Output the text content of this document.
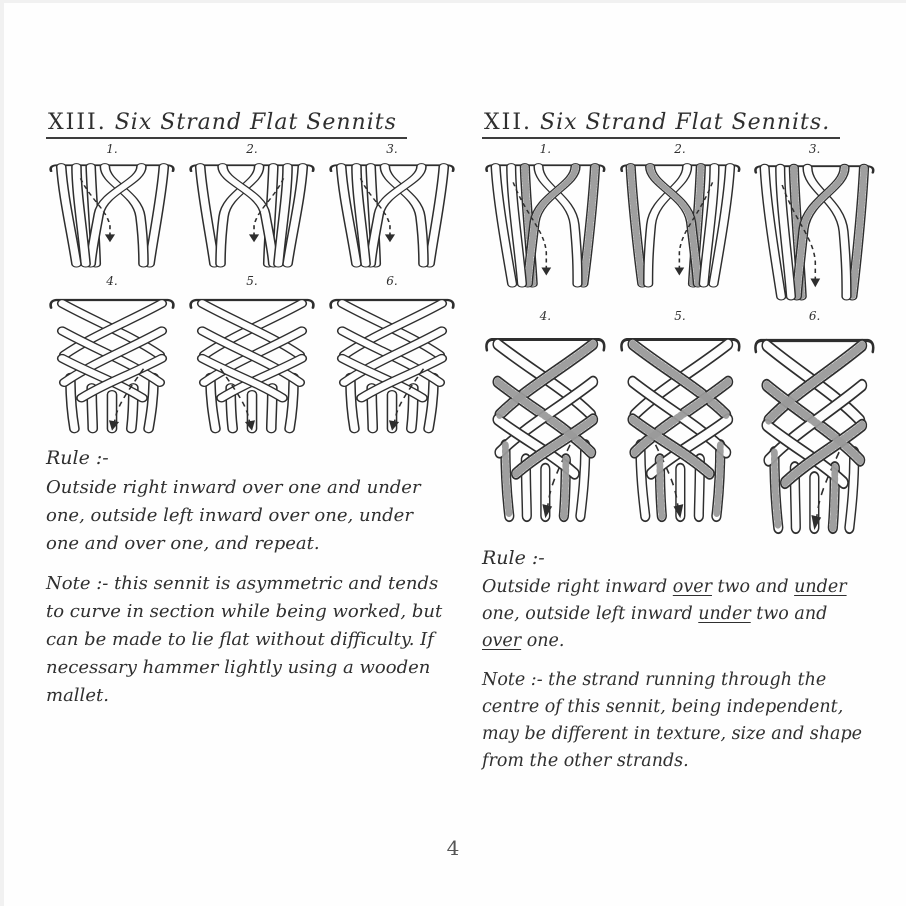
XIII. Six Strand Flat Sennits
1.	2.	3.
4.	5.	6.
Rule :-
Outside right inward over one and under one, outside left inward over one, under one and over one, and repeat.
Note :- this sennit is asymmetric and tends to curve in section while being worked, but can be made to lie flat without difficulty. If necessary hammer lightly using a wooden mallet.
XII. Six Strand Flat Sennits.
1.	2.	3.
4.	5.	6.
Rule :-
Outside right inward over two and under one, outside left inward under two and over one.
Note :- the strand running through the centre of this sennit, being independent, may be different in texture, size and shape from the other strands.
4
